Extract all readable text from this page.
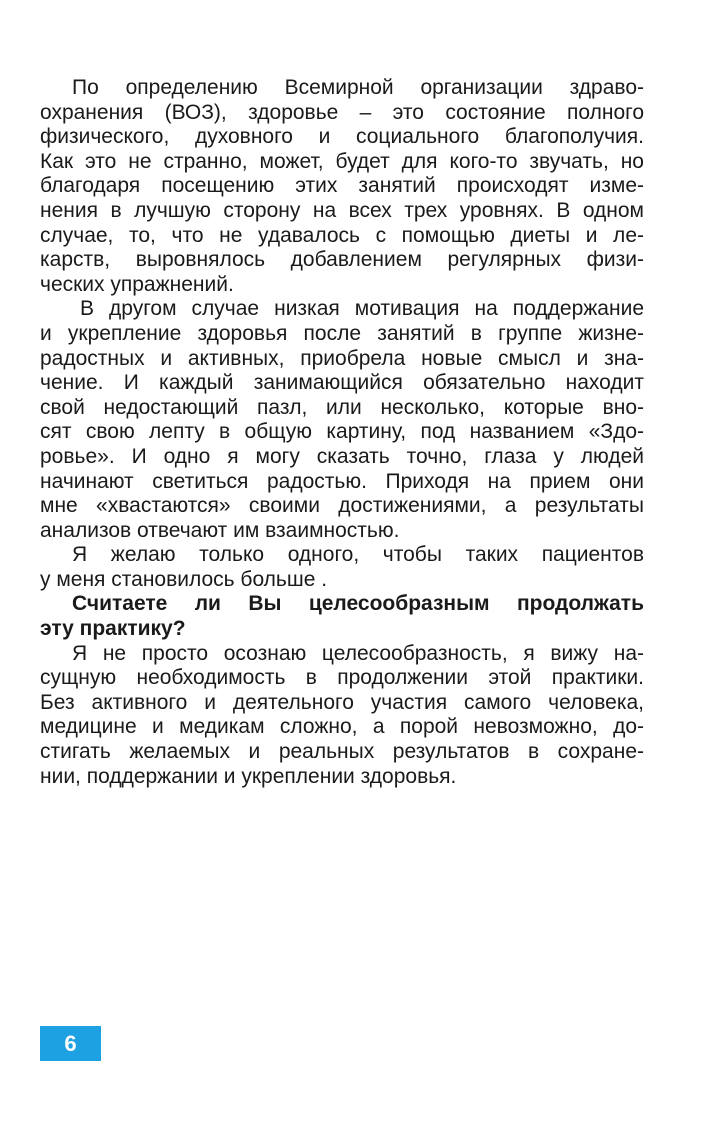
По определению Всемирной организации здраво-
охранения (ВОЗ), здоровье – это состояние полного
физического, духовного и социального благополучия.
Как это не странно, может, будет для кого-то звучать, но
благодаря посещению этих занятий происходят изме-
нения в лучшую сторону на всех трех уровнях. В одном
случае, то, что не удавалось с помощью диеты и ле-
карств, выровнялось добавлением регулярных физи-
ческих упражнений.
В другом случае низкая мотивация на поддержание
и укрепление здоровья после занятий в группе жизне-
радостных и активных, приобрела новые смысл и зна-
чение. И каждый занимающийся обязательно находит
свой недостающий пазл, или несколько, которые вно-
сят свою лепту в общую картину, под названием «Здо-
ровье». И одно я могу сказать точно, глаза у людей
начинают светиться радостью. Приходя на прием они
мне «хвастаются» своими достижениями, а результаты
анализов отвечают им взаимностью.
Я желаю только одного, чтобы таких пациентов
у меня становилось больше .
Считаете ли Вы целесообразным продолжать
эту практику?
Я не просто осознаю целесообразность, я вижу на-
сущную необходимость в продолжении этой практики.
Без активного и деятельного участия самого человека,
медицине и медикам сложно, а порой невозможно, до-
стигать желаемых и реальных результатов в сохране-
нии, поддержании и укреплении здоровья.
6
